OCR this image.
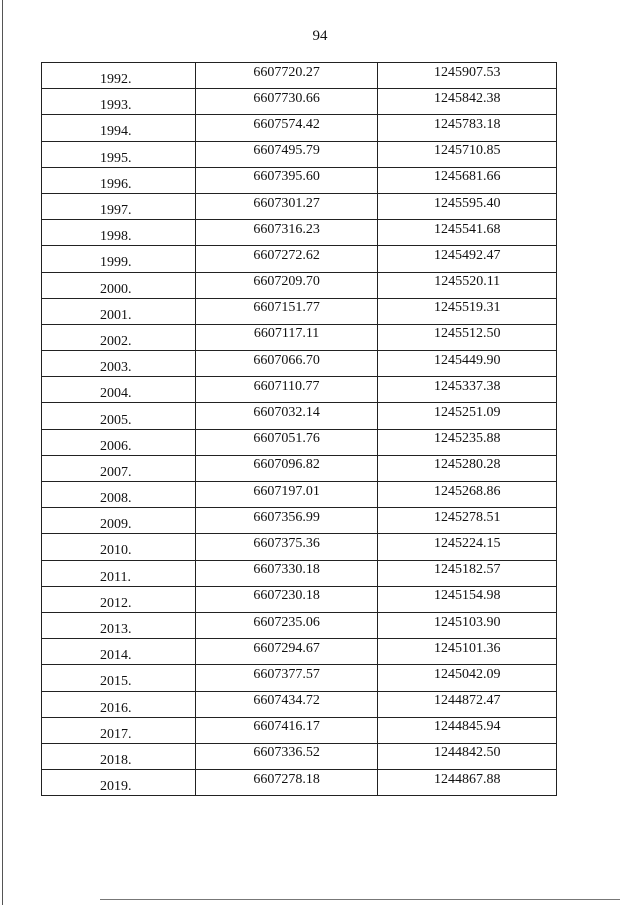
94
1992.	6607720.27	1245907.53
1993.	6607730.66	1245842.38
1994.	6607574.42	1245783.18
1995.	6607495.79	1245710.85
1996.	6607395.60	1245681.66
1997.	6607301.27	1245595.40
1998.	6607316.23	1245541.68
1999.	6607272.62	1245492.47
2000.	6607209.70	1245520.11
2001.	6607151.77	1245519.31
2002.	6607117.11	1245512.50
2003.	6607066.70	1245449.90
2004.	6607110.77	1245337.38
2005.	6607032.14	1245251.09
2006.	6607051.76	1245235.88
2007.	6607096.82	1245280.28
2008.	6607197.01	1245268.86
2009.	6607356.99	1245278.51
2010.	6607375.36	1245224.15
2011.	6607330.18	1245182.57
2012.	6607230.18	1245154.98
2013.	6607235.06	1245103.90
2014.	6607294.67	1245101.36
2015.	6607377.57	1245042.09
2016.	6607434.72	1244872.47
2017.	6607416.17	1244845.94
2018.	6607336.52	1244842.50
2019.	6607278.18	1244867.88
